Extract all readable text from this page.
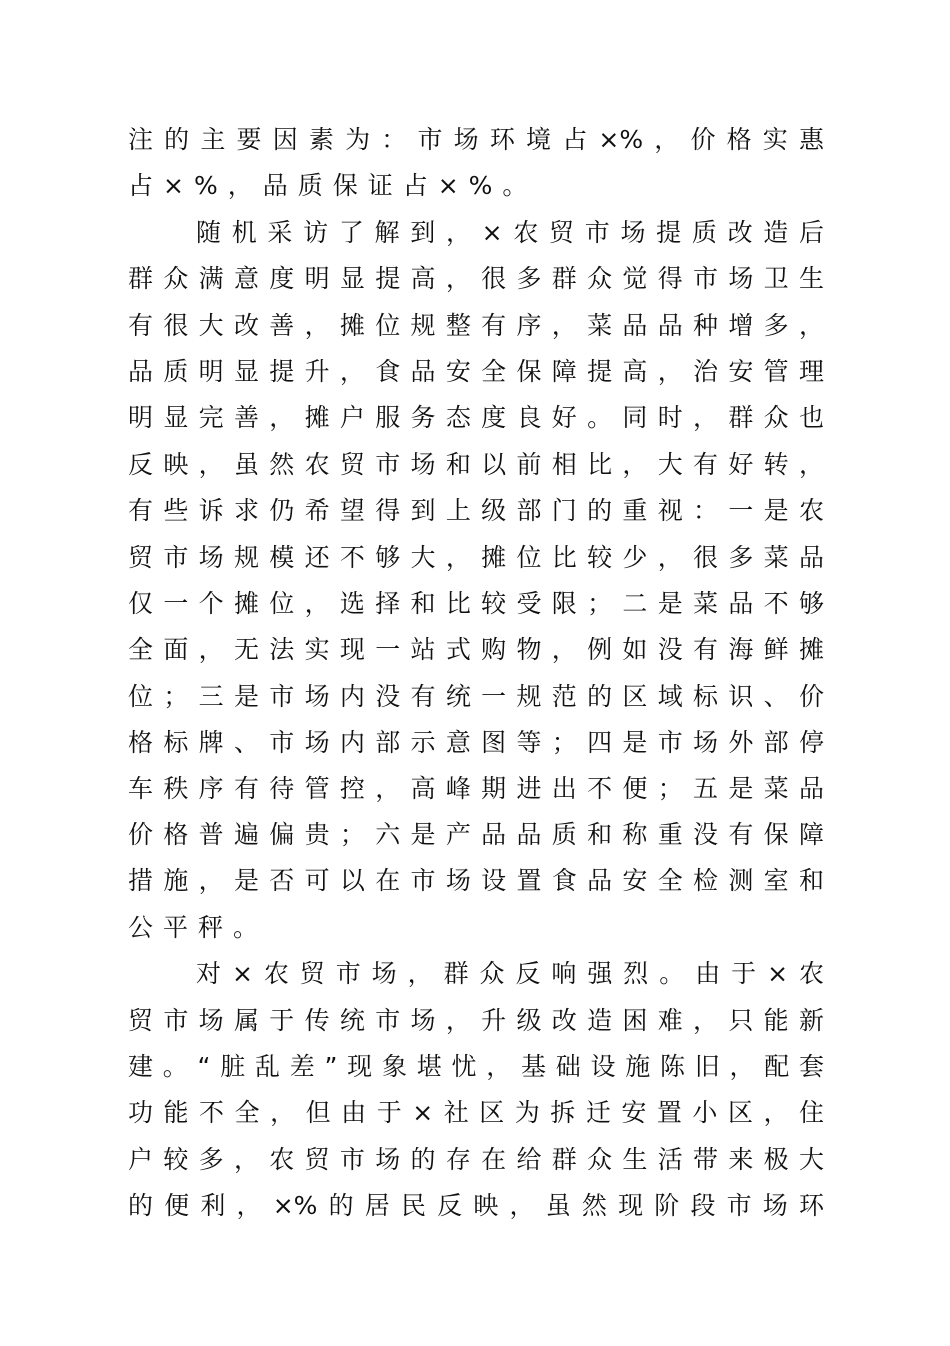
注的主要因素为：市场环境占×%，价格实惠
占×%，品质保证占×%。
随机采访了解到，×农贸市场提质改造后
群众满意度明显提高，很多群众觉得市场卫生
有很大改善，摊位规整有序，菜品品种增多，
品质明显提升，食品安全保障提高，治安管理
明显完善，摊户服务态度良好。同时，群众也
反映，虽然农贸市场和以前相比，大有好转，
有些诉求仍希望得到上级部门的重视：一是农
贸市场规模还不够大，摊位比较少，很多菜品
仅一个摊位，选择和比较受限；二是菜品不够
全面，无法实现一站式购物，例如没有海鲜摊
位；三是市场内没有统一规范的区域标识、价
格标牌、市场内部示意图等；四是市场外部停
车秩序有待管控，高峰期进出不便；五是菜品
价格普遍偏贵；六是产品品质和称重没有保障
措施，是否可以在市场设置食品安全检测室和
公平秤。
对×农贸市场，群众反响强烈。由于×农
贸市场属于传统市场，升级改造困难，只能新
建。“脏乱差”现象堪忧，基础设施陈旧，配套
功能不全，但由于×社区为拆迁安置小区，住
户较多，农贸市场的存在给群众生活带来极大
的便利，×%的居民反映，虽然现阶段市场环
